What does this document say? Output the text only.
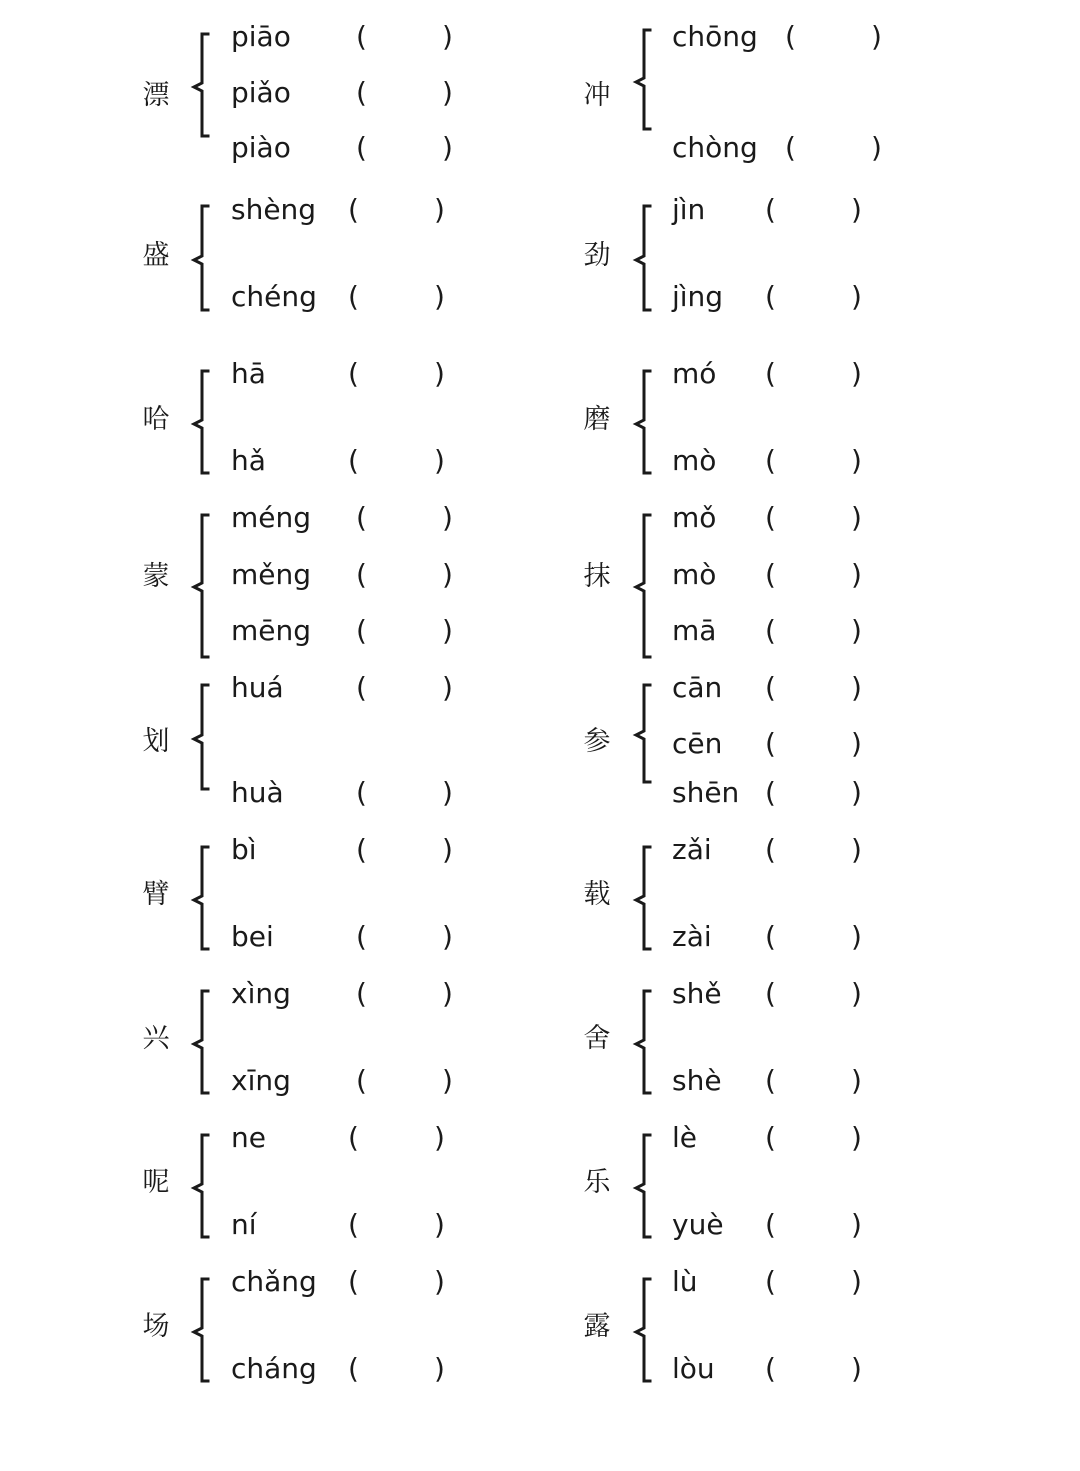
漂
piāo (	)
piǎo (	)
piào (	)
冲
chōng (	)
chòng (	)
盛
shèng (	)
chéng (	)
劲
jìn (	)
jìng (	)
哈
hā	(	)
hǎ	(	)
磨
mó (	)
mò (	)
蒙
méng (	)
měng (	)
mēng (	)
抹
mǒ (	)
mò (	)
mā (	)
划
huá	(	)
huà	(	)
参
cān (	)
cēn (	)
shēn (	)
臂
bì	(	)
bei	(	)
载
zǎi (	)
zài (	)
兴
xìng (	)
xīng (	)
舍
shě (	)
shè (	)
呢
ne	(	)
ní	(	)
乐
lè (	)
yuè (	)
场
chǎng (	)
cháng (	)
露
lù (	)
lòu (	)
